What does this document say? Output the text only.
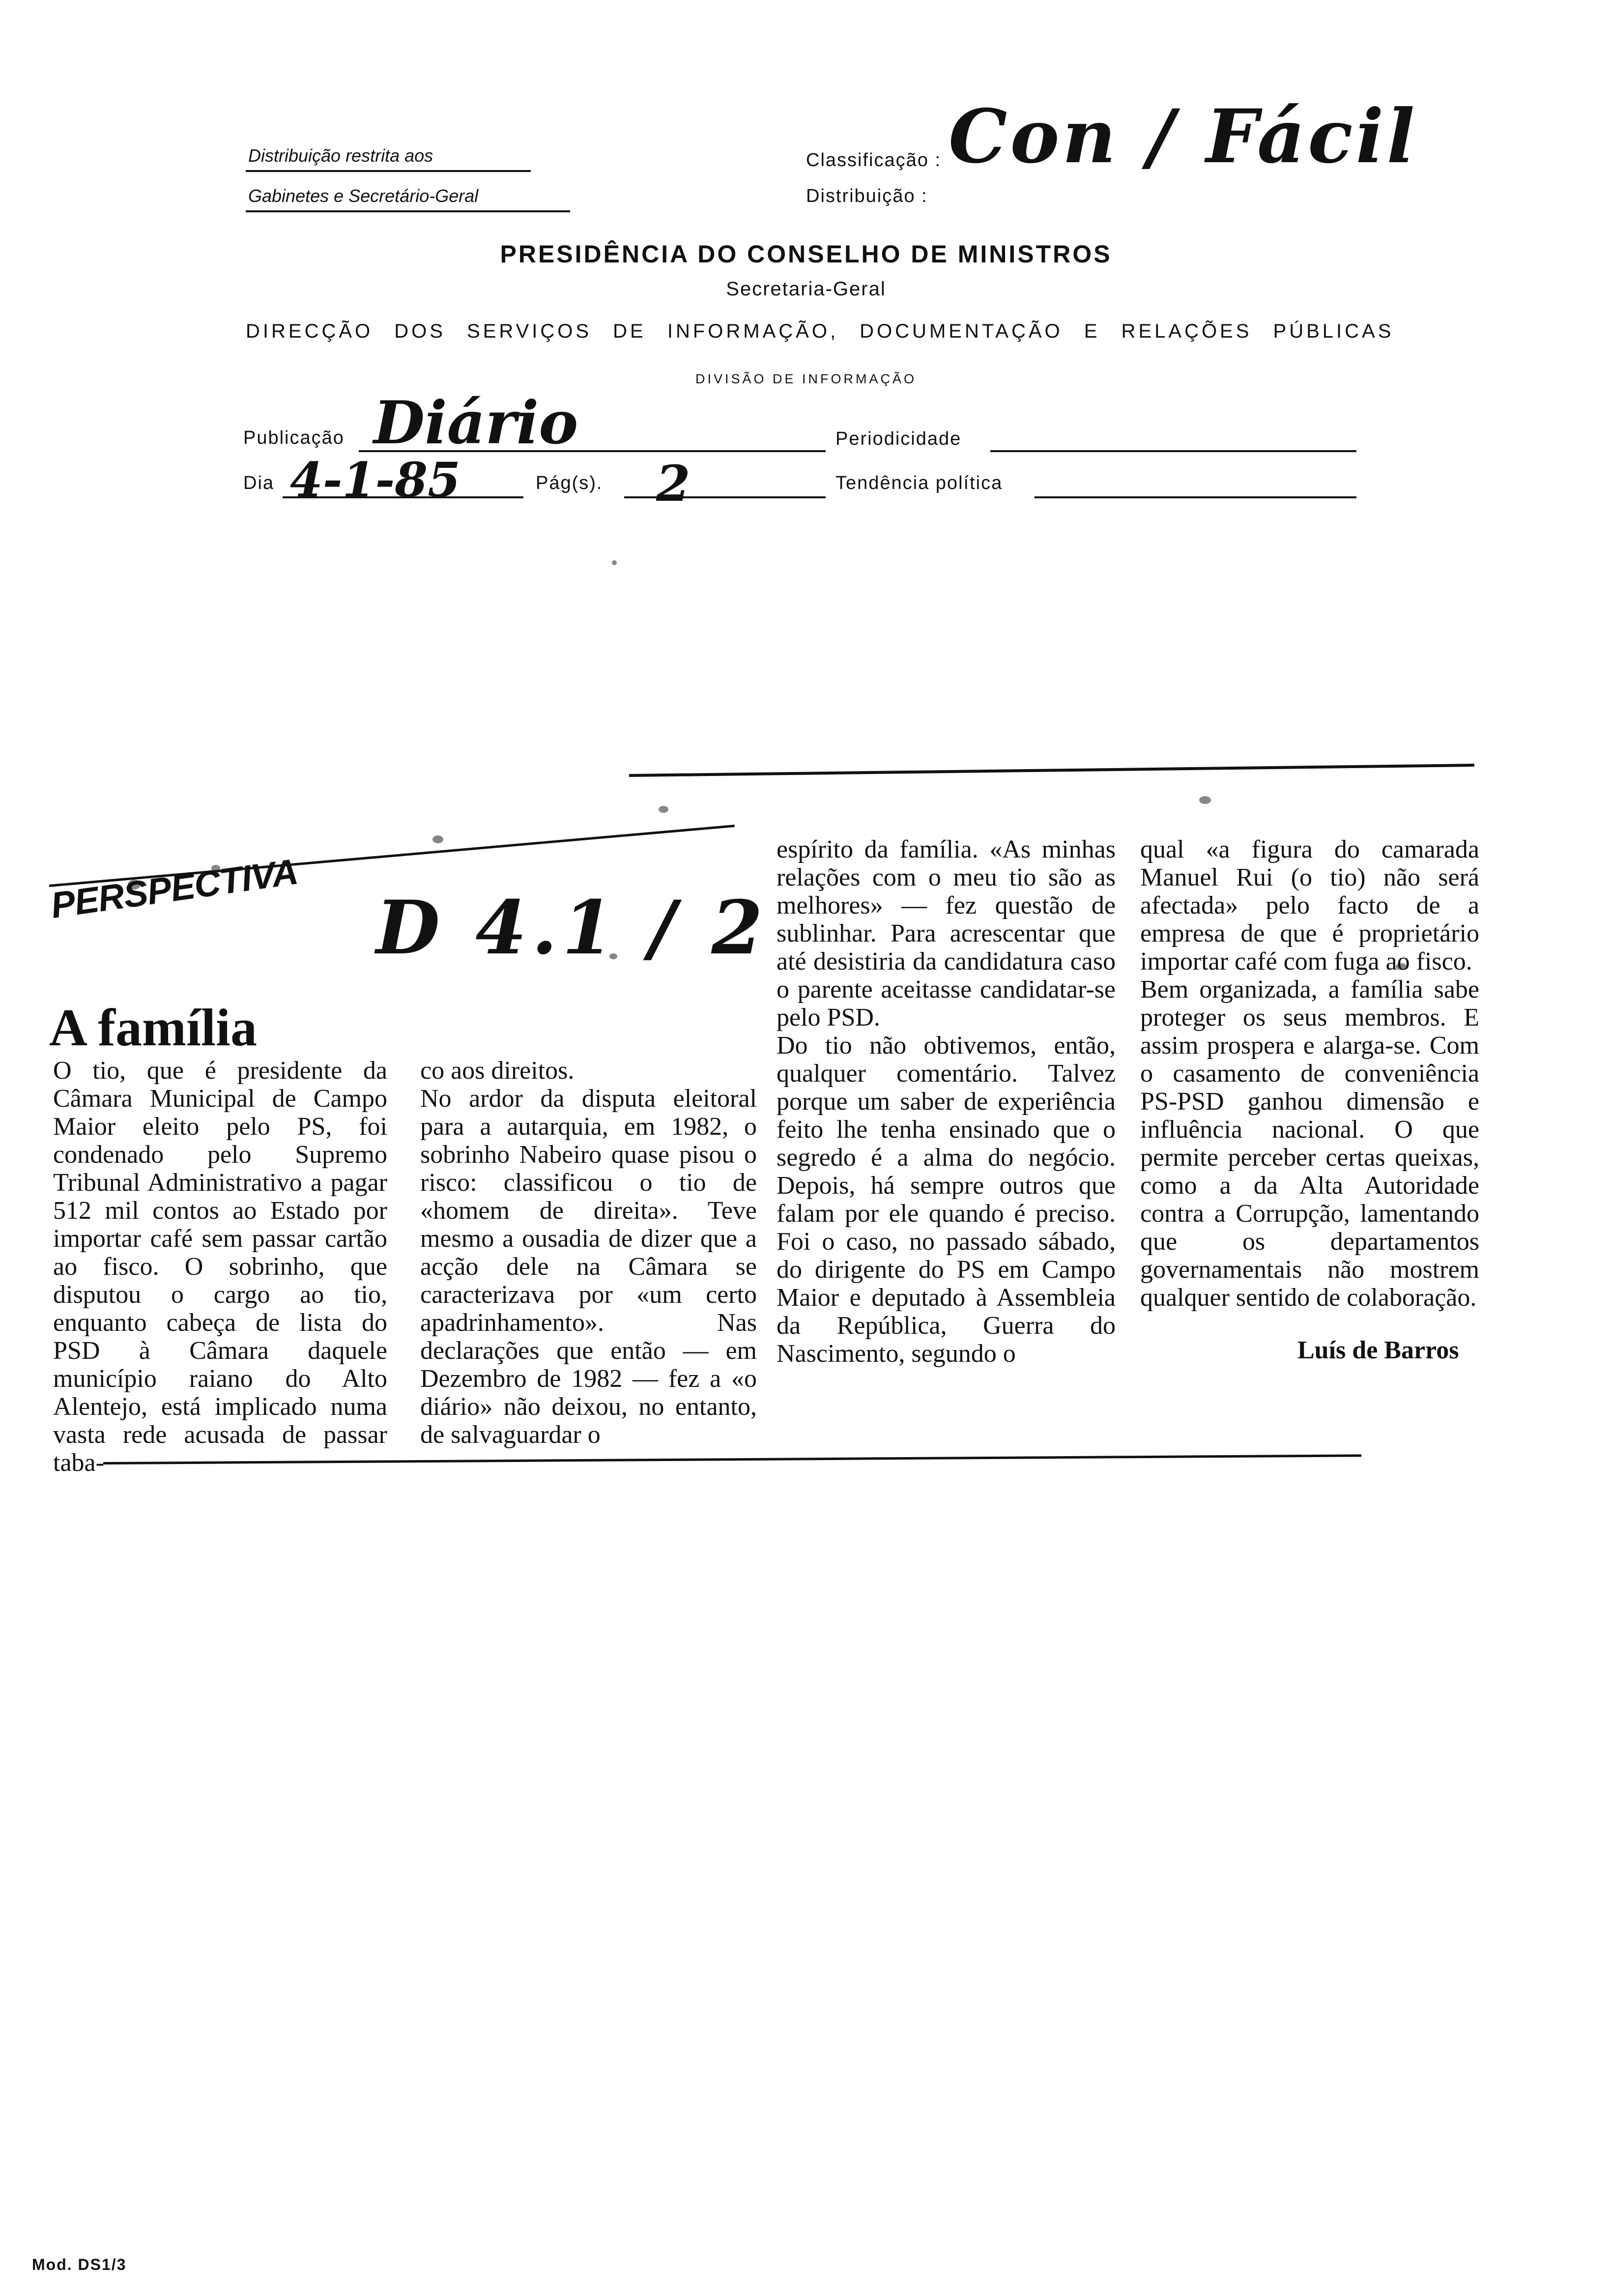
Distribuição restrita aos
Gabinetes e Secretário-Geral
Classificação :
Distribuição :
Con / Fácil
PRESIDÊNCIA DO CONSELHO DE MINISTROS
Secretaria-Geral
DIRECÇÃO DOS SERVIÇOS DE INFORMAÇÃO, DOCUMENTAÇÃO E RELAÇÕES PÚBLICAS
DIVISÃO DE INFORMAÇÃO
Publicação Diário	Periodicidade
Dia 4-1-85	Pág(s). 2	Tendência política
PERSPECTIVA D 4.1 / 2
A família
O tio, que é presidente da Câmara Municipal de Campo Maior eleito pelo PS, foi condenado pelo Supremo Tribunal Administrativo a pagar 512 mil contos ao Estado por importar café sem passar cartão ao fisco. O sobrinho, que disputou o cargo ao tio, enquanto cabeça de lista do PSD à Câmara daquele município raiano do Alto Alentejo, está implicado numa vasta rede acusada de passar taba-
co aos direitos.
No ardor da disputa eleitoral para a autarquia, em 1982, o sobrinho Nabeiro quase pisou o risco: classificou o tio de «homem de direita». Teve mesmo a ousadia de dizer que a acção dele na Câmara se caracterizava por «um certo apadrinhamento». Nas declarações que então — em Dezembro de 1982 — fez a «o diário» não deixou, no entanto, de salvaguardar o
espírito da família. «As minhas relações com o meu tio são as melhores» — fez questão de sublinhar. Para acrescentar que até desistiria da candidatura caso o parente aceitasse candidatar-se pelo PSD.
Do tio não obtivemos, então, qualquer comentário. Talvez porque um saber de experiência feito lhe tenha ensinado que o segredo é a alma do negócio. Depois, há sempre outros que falam por ele quando é preciso. Foi o caso, no passado sábado, do dirigente do PS em Campo Maior e deputado à Assembleia da República, Guerra do Nascimento, segundo o
qual «a figura do camarada Manuel Rui (o tio) não será afectada» pelo facto de a empresa de que é proprietário importar café com fuga ao fisco.
Bem organizada, a família sabe proteger os seus membros. E assim prospera e alarga-se. Com o casamento de conveniência PS-PSD ganhou dimensão e influência nacional. O que permite perceber certas queixas, como a da Alta Autoridade contra a Corrupção, lamentando que os departamentos governamentais não mostrem qualquer sentido de colaboração.
Luís de Barros
Mod. DS1/3
